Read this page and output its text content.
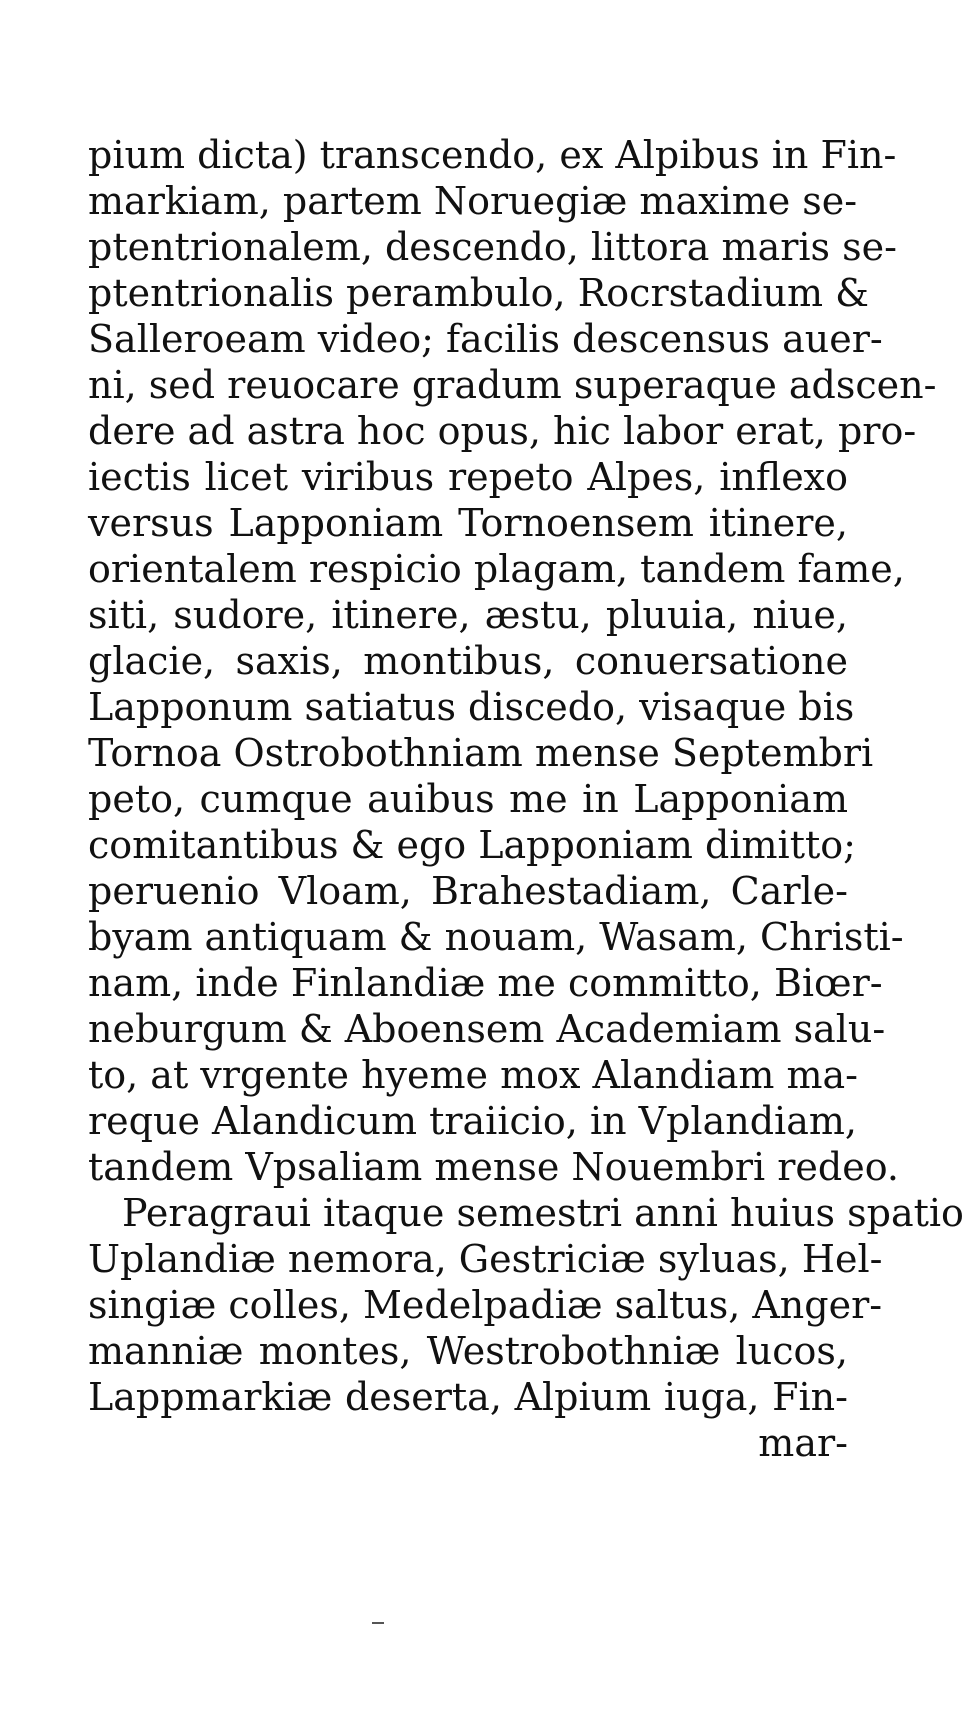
pium dicta) transcendo, ex Alpibus in Fin-
markiam, partem Noruegiæ maxime se-
ptentrionalem, descendo, littora maris se-
ptentrionalis perambulo, Rocrstadium &
Salleroeam video; facilis descensus auer-
ni, sed reuocare gradum superaque adscen-
dere ad astra hoc opus, hic labor erat, pro-
iectis licet viribus repeto Alpes, inflexo
versus Lapponiam Tornoensem itinere,
orientalem respicio plagam, tandem fame,
siti, sudore, itinere, æstu, pluuia, niue,
glacie, saxis, montibus, conuersatione
Lapponum satiatus discedo, visaque bis
Tornoa Ostrobothniam mense Septembri
peto, cumque auibus me in Lapponiam
comitantibus & ego Lapponiam dimitto;
peruenio Vloam, Brahestadiam, Carle-
byam antiquam & nouam, Wasam, Christi-
nam, inde Finlandiæ me committo, Biœr-
neburgum & Aboensem Academiam salu-
to, at vrgente hyeme mox Alandiam ma-
reque Alandicum traiicio, in Vplandiam,
tandem Vpsaliam mense Nouembri redeo.
Peragraui itaque semestri anni huius spatio
Uplandiæ nemora, Gestriciæ syluas, Hel-
singiæ colles, Medelpadiæ saltus, Anger-
manniæ montes, Westrobothniæ lucos,
Lappmarkiæ deserta, Alpium iuga, Fin-
mar-
